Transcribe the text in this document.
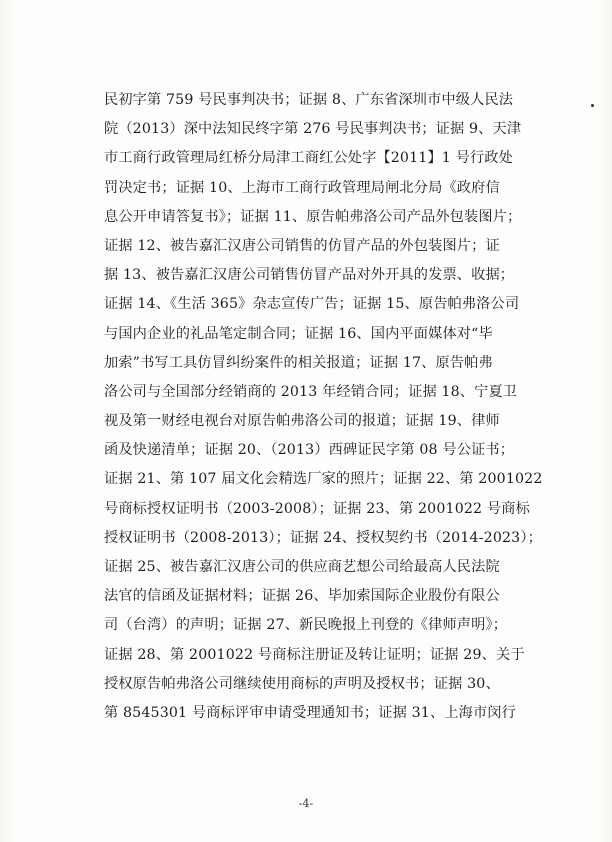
民初字第 759 号民事判决书；证据 8、广东省深圳市中级人民法
院（2013）深中法知民终字第 276 号民事判决书；证据 9、天津
市工商行政管理局红桥分局津工商红公处字【2011】1 号行政处
罚决定书；证据 10、上海市工商行政管理局闸北分局《政府信
息公开申请答复书》；证据 11、原告帕弗洛公司产品外包装图片；
证据 12、被告嘉汇汉唐公司销售的仿冒产品的外包装图片；证
据 13、被告嘉汇汉唐公司销售仿冒产品对外开具的发票、收据；
证据 14、《生活 365》杂志宣传广告；证据 15、原告帕弗洛公司
与国内企业的礼品笔定制合同；证据 16、国内平面媒体对“毕
加索”书写工具仿冒纠纷案件的相关报道；证据 17、原告帕弗
洛公司与全国部分经销商的 2013 年经销合同；证据 18、宁夏卫
视及第一财经电视台对原告帕弗洛公司的报道；证据 19、律师
函及快递清单；证据 20、（2013）西碑证民字第 08 号公证书；
证据 21、第 107 届文化会精选厂家的照片；证据 22、第 2001022
号商标授权证明书（2003-2008）；证据 23、第 2001022 号商标
授权证明书（2008-2013）；证据 24、授权契约书（2014-2023）；
证据 25、被告嘉汇汉唐公司的供应商艺想公司给最高人民法院
法官的信函及证据材料；证据 26、毕加索国际企业股份有限公
司（台湾）的声明；证据 27、新民晚报上刊登的《律师声明》；
证据 28、第 2001022 号商标注册证及转让证明；证据 29、关于
授权原告帕弗洛公司继续使用商标的声明及授权书；证据 30、
第 8545301 号商标评审申请受理通知书；证据 31、上海市闵行
-4-
